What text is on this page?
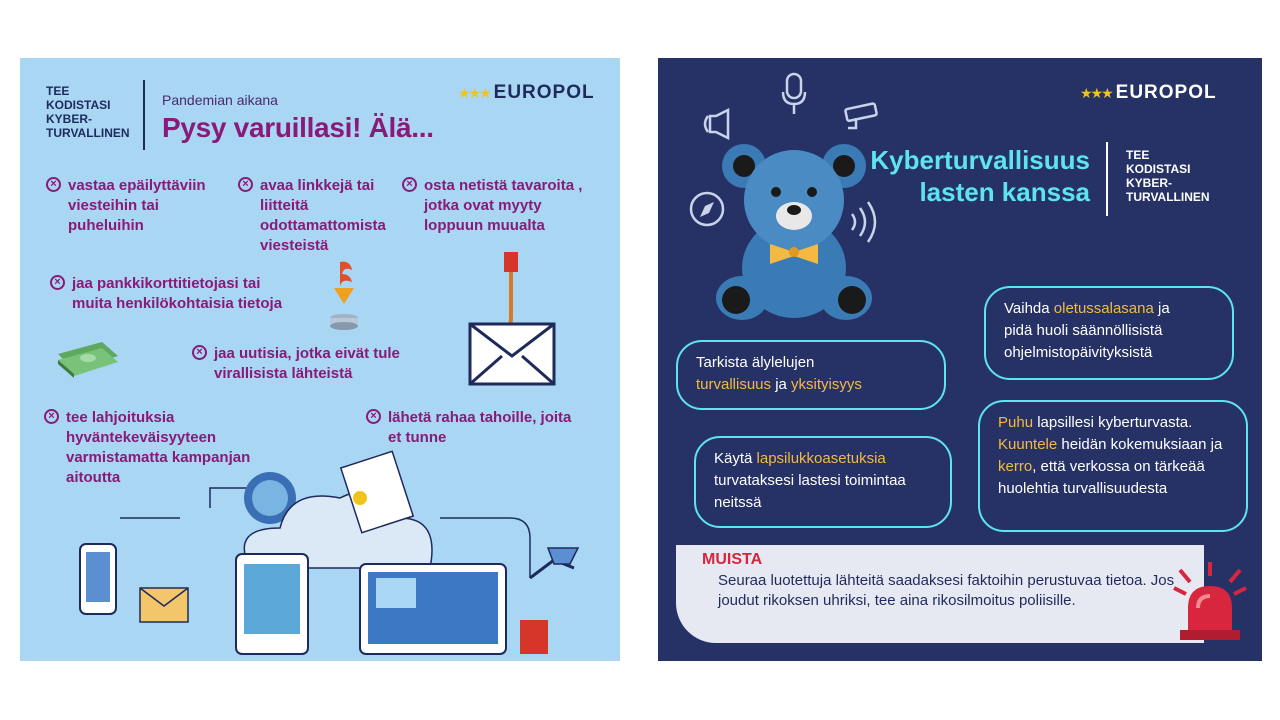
TEE
KODISTASI
KYBER-
TURVALLINEN
Pandemian aikana
Pysy varuillasi! Älä...
★★★ EUROPOL
× vastaa epäilyttäviin
viesteihin tai
puheluihin
× avaa linkkejä tai
liitteitä
odottamattomista
viesteistä
× osta netistä tavaroita ,
jotka ovat myyty
loppuun muualta
× jaa pankkikorttitietojasi tai
muita henkilökohtaisia tietoja
× jaa uutisia, jotka eivät tule
virallisista lähteistä
× tee lahjoituksia
hyväntekeväisyyteen
varmistamatta kampanjan
aitoutta
× lähetä rahaa tahoille, joita
et tunne
★★★ EUROPOL
Kyberturvallisuus
lasten kanssa
TEE
KODISTASI
KYBER-
TURVALLINEN
Vaihda oletussalasana ja
pidä huoli säännöllisistä
ohjelmistopäivityksistä
Tarkista älylelujen
turvallisuus ja yksityisyys
Käytä lapsilukkoasetuksia
turvataksesi lastesi toimintaa
neitssä
Puhu lapsillesi kyberturvasta.
Kuuntele heidän kokemuksiaan ja
kerro, että verkossa on tärkeää
huolehtia turvallisuudesta
MUISTA
Seuraa luotettuja lähteitä saadaksesi faktoihin perustuvaa tietoa. Jos joudut rikoksen uhriksi, tee aina rikosilmoitus poliisille.
